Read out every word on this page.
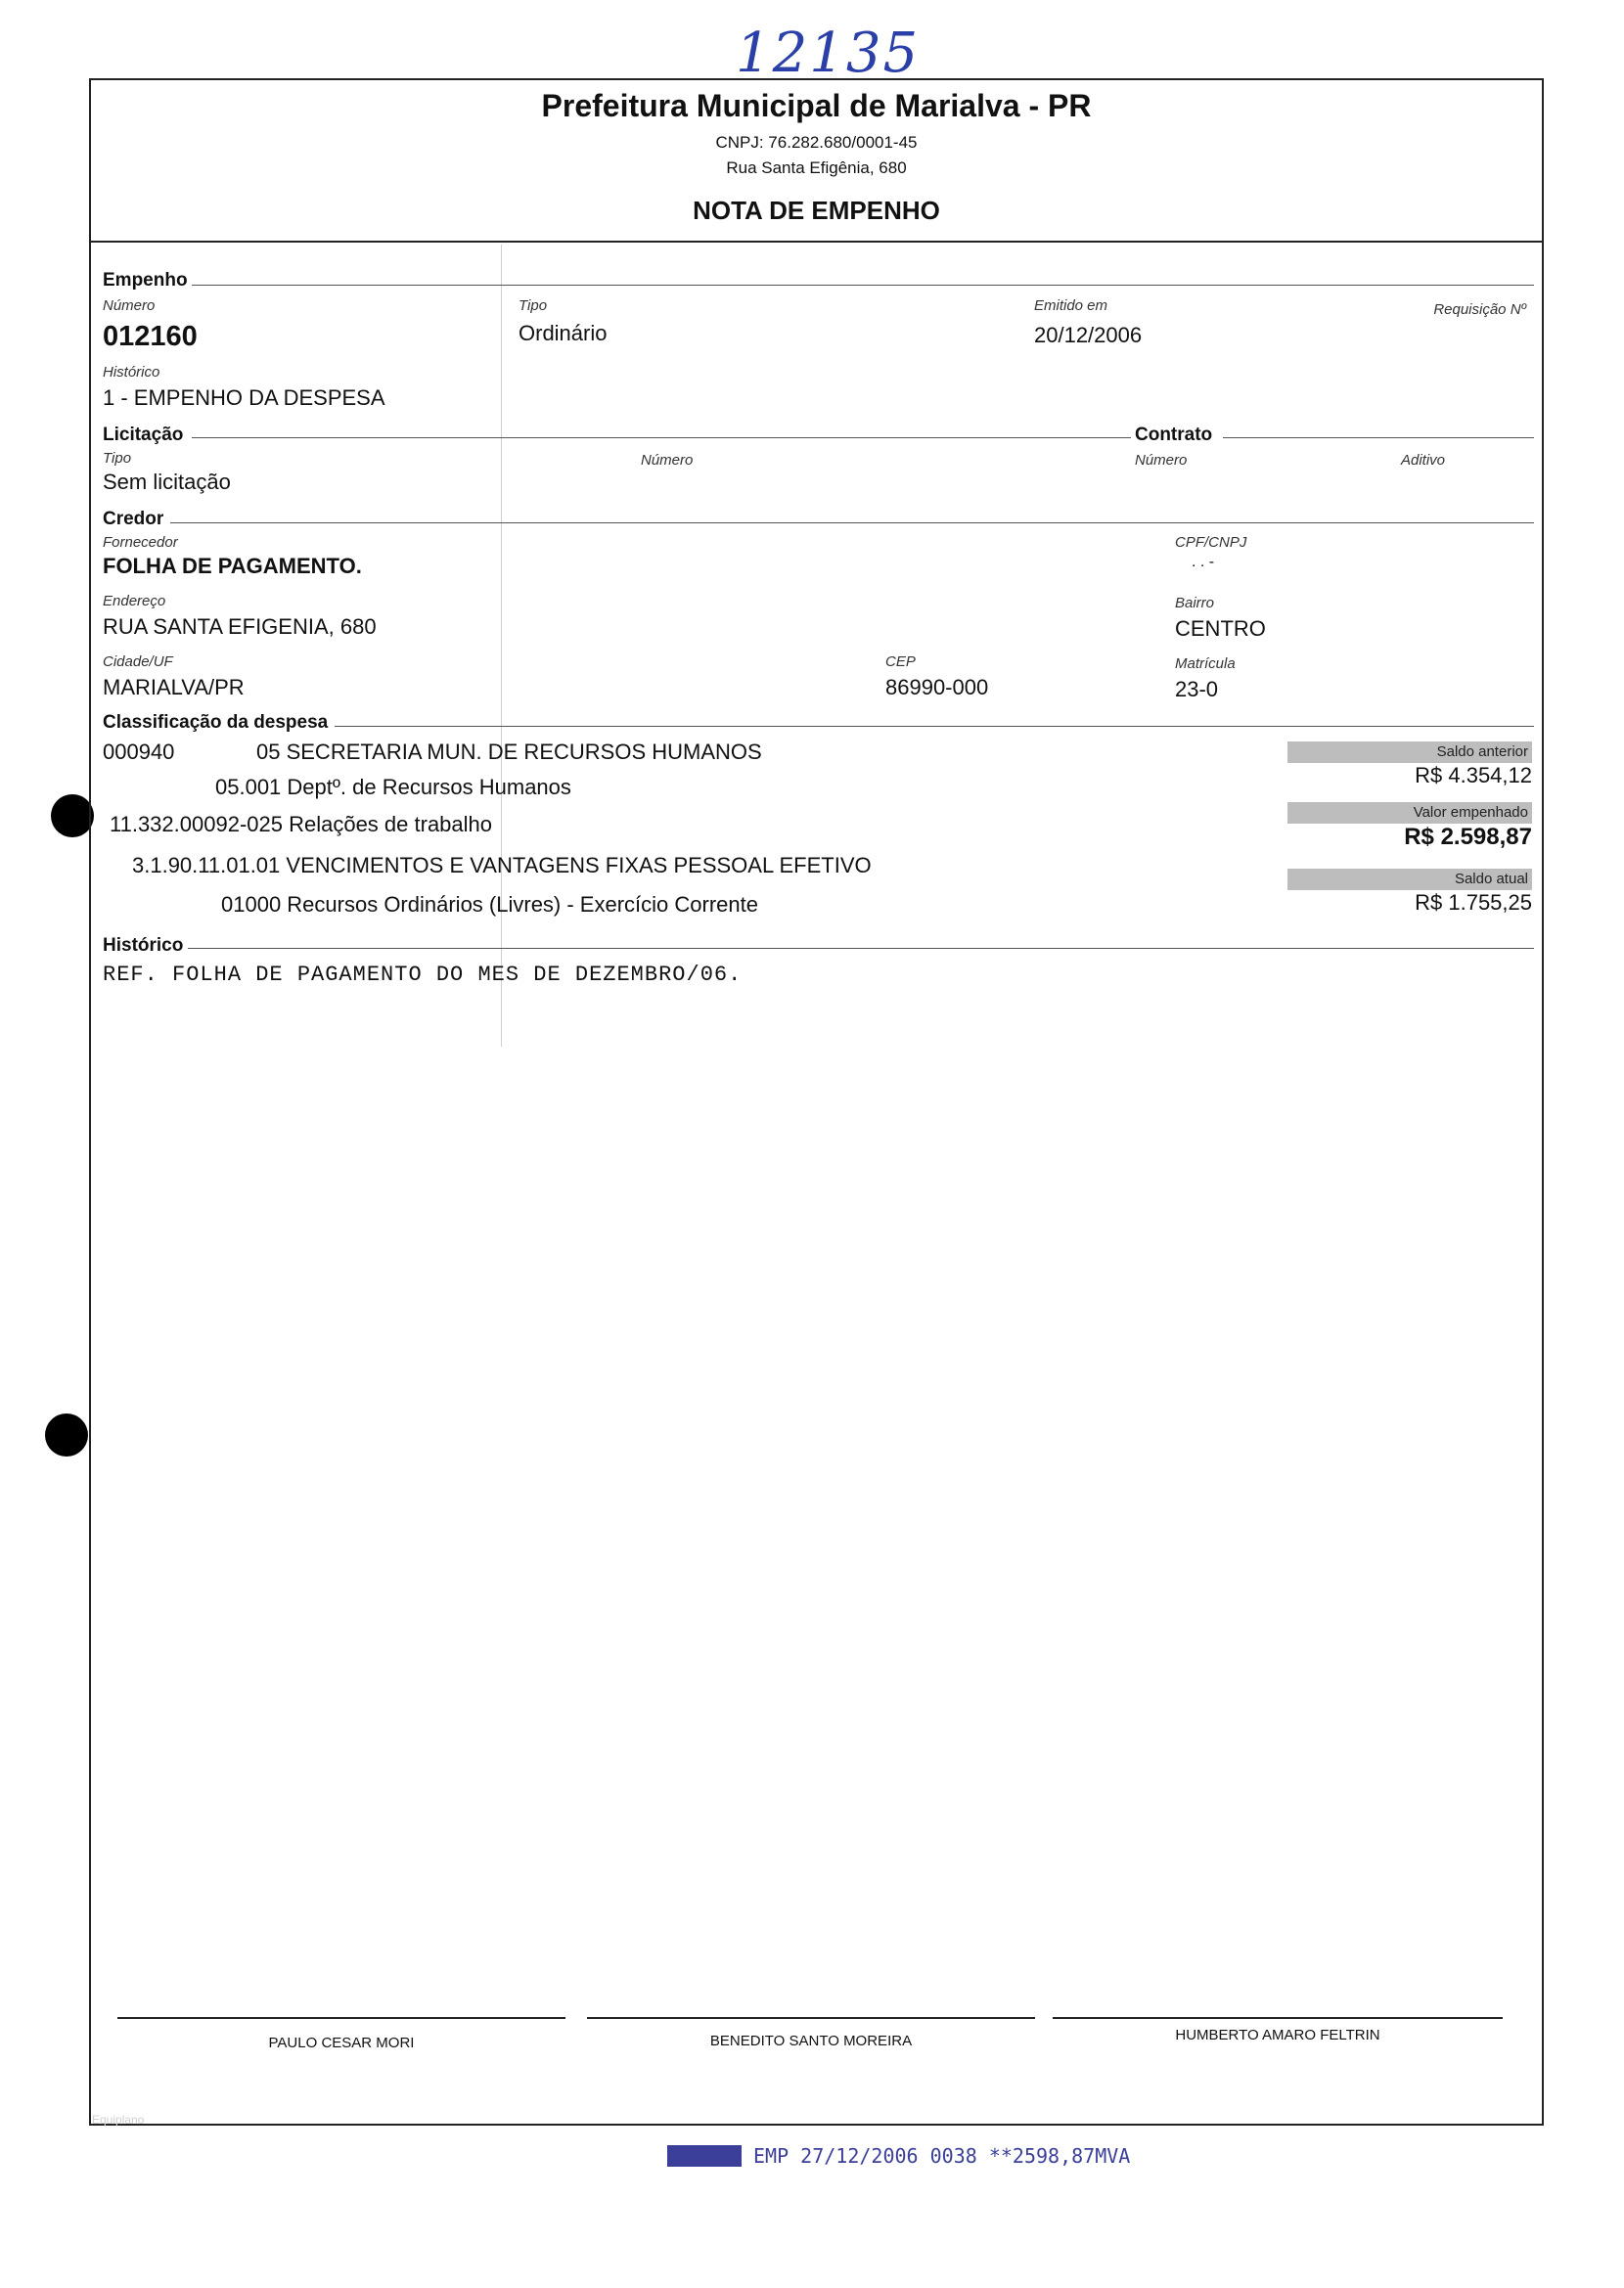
12135
Prefeitura Municipal de Marialva - PR
CNPJ: 76.282.680/0001-45
Rua Santa Efigênia, 680
NOTA DE EMPENHO
Empenho
Número
012160
Tipo
Ordinário
Emitido em
20/12/2006
Requisição Nº
Histórico
1 - EMPENHO DA DESPESA
Licitação	Contrato
Tipo
Sem licitação
Número	Número	Aditivo
Credor
Fornecedor
FOLHA DE PAGAMENTO.
CPF/CNPJ
. . -
Endereço
RUA SANTA EFIGENIA, 680
Bairro
CENTRO
Cidade/UF
MARIALVA/PR
CEP
86990-000
Matrícula
23-0
Classificação da despesa
000940	05 SECRETARIA MUN. DE RECURSOS HUMANOS
05.001 Deptº. de Recursos Humanos
11.332.00092-025 Relações de trabalho
3.1.90.11.01.01 VENCIMENTOS E VANTAGENS FIXAS PESSOAL EFETIVO
01000 Recursos Ordinários (Livres) - Exercício Corrente
Saldo anterior
R$ 4.354,12
Valor empenhado
R$ 2.598,87
Saldo atual
R$ 1.755,25
Histórico
REF. FOLHA DE PAGAMENTO DO MES DE DEZEMBRO/06.
PAULO CESAR MORI	BENEDITO SANTO MOREIRA	HUMBERTO AMARO FELTRIN
Equiplano
EMP 27/12/2006 0038 **2598,87MVA
